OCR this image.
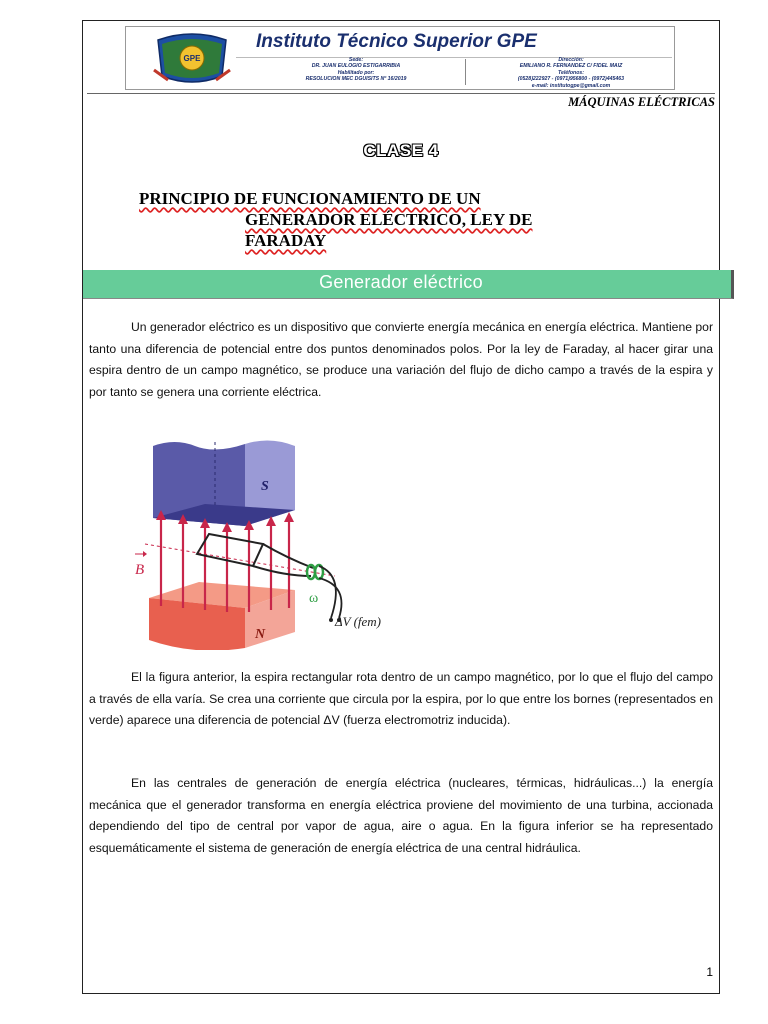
GPE
Instituto Técnico Superior GPE
Sede:
DR. JUAN EULOGIO ESTIGARRIBIA
Habilitado por:
RESOLUCION MEC DGUISITS Nº 16/2019
Dirección:
EMILIANO R. FERNANDEZ C/ FIDEL MAIZ
Teléfonos:
(0528)222927 - (0971)956800 - (0972)445463
e-mail: institutogpe@gmail.com
MÁQUINAS ELÉCTRICAS
CLASE 4
PRINCIPIO DE FUNCIONAMIENTO DE UN
GENERADOR ELÉCTRICO, LEY DE
FARADAY
Generador eléctrico
Un generador eléctrico es un dispositivo que convierte energía mecánica en energía eléctrica. Mantiene por tanto una diferencia de potencial entre dos puntos denominados polos. Por la ley de Faraday, al hacer girar una espira dentro de un campo magnético, se produce una variación del flujo de dicho campo a través de la espira y por tanto se genera una corriente eléctrica.
S
N
B
ω
ΔV (fem)
El la figura anterior, la espira rectangular rota dentro de un campo magnético, por lo que el flujo del campo a través de ella varía. Se crea una corriente que circula por la espira, por lo que entre los bornes (representados en verde) aparece una diferencia de potencial ΔV (fuerza electromotriz inducida).
En las centrales de generación de energía eléctrica (nucleares, térmicas, hidráulicas...) la energía mecánica que el generador transforma en energía eléctrica proviene del movimiento de una turbina, accionada dependiendo del tipo de central por vapor de agua, aire o agua. En la figura inferior se ha representado esquemáticamente el sistema de generación de energía eléctrica de una central hidráulica.
1
